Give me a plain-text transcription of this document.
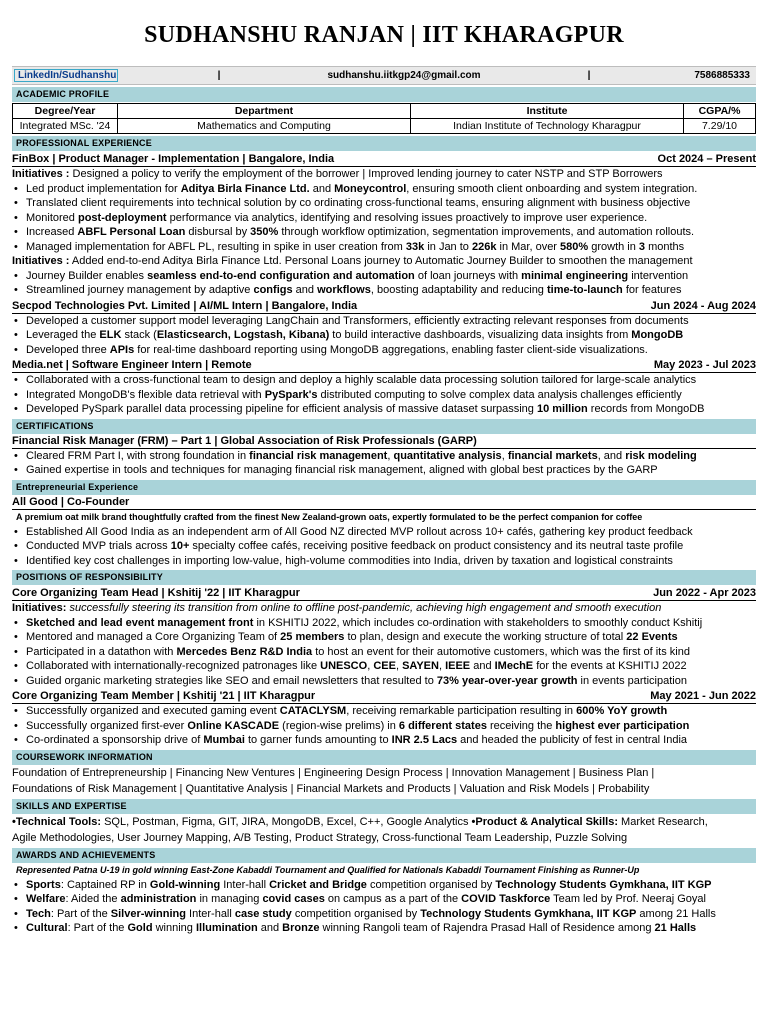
SUDHANSHU RANJAN | IIT KHARAGPUR
LinkedIn/Sudhanshu	|	sudhanshu.iitkgp24@gmail.com	|	7586885333
ACADEMIC PROFILE
Degree/Year	Department	Institute	CGPA/%
Integrated MSc. '24	Mathematics and Computing	Indian Institute of Technology Kharagpur	7.29/10
PROFESSIONAL EXPERIENCE
FinBox | Product Manager - Implementation | Bangalore, India	Oct 2024 – Present
Initiatives : Designed a policy to verify the employment of the borrower | Improved lending journey to cater NSTP and STP Borrowers
• Led product implementation for Aditya Birla Finance Ltd. and Moneycontrol, ensuring smooth client onboarding and system integration.
• Translated client requirements into technical solution by co ordinating cross-functional teams, ensuring alignment with business objective
• Monitored post-deployment performance via analytics, identifying and resolving issues proactively to improve user experience.
• Increased ABFL Personal Loan disbursal by 350% through workflow optimization, segmentation improvements, and automation rollouts.
• Managed implementation for ABFL PL, resulting in spike in user creation from 33k in Jan to 226k in Mar, over 580% growth in 3 months
Initiatives : Added end-to-end Aditya Birla Finance Ltd. Personal Loans journey to Automatic Journey Builder to smoothen the management
• Journey Builder enables seamless end-to-end configuration and automation of loan journeys with minimal engineering intervention
• Streamlined journey management by adaptive configs and workflows, boosting adaptability and reducing time-to-launch for features
Secpod Technologies Pvt. Limited | AI/ML Intern | Bangalore, India	Jun 2024 - Aug 2024
• Developed a customer support model leveraging LangChain and Transformers, efficiently extracting relevant responses from documents
• Leveraged the ELK stack (Elasticsearch, Logstash, Kibana) to build interactive dashboards, visualizing data insights from MongoDB
• Developed three APIs for real-time dashboard reporting using MongoDB aggregations, enabling faster client-side visualizations.
Media.net | Software Engineer Intern | Remote	May 2023 - Jul 2023
• Collaborated with a cross-functional team to design and deploy a highly scalable data processing solution tailored for large-scale analytics
• Integrated MongoDB's flexible data retrieval with PySpark's distributed computing to solve complex data analysis challenges efficiently
• Developed PySpark parallel data processing pipeline for efficient analysis of massive dataset surpassing 10 million records from MongoDB
CERTIFICATIONS
Financial Risk Manager (FRM) – Part 1 | Global Association of Risk Professionals (GARP)
• Cleared FRM Part I, with strong foundation in financial risk management, quantitative analysis, financial markets, and risk modeling
• Gained expertise in tools and techniques for managing financial risk management, aligned with global best practices by the GARP
Entrepreneurial Experience
All Good | Co-Founder
A premium oat milk brand thoughtfully crafted from the finest New Zealand-grown oats, expertly formulated to be the perfect companion for coffee
• Established All Good India as an independent arm of All Good NZ directed MVP rollout across 10+ cafés, gathering key product feedback
• Conducted MVP trials across 10+ specialty coffee cafés, receiving positive feedback on product consistency and its neutral taste profile
• Identified key cost challenges in importing low-value, high-volume commodities into India, driven by taxation and logistical constraints
POSITIONS OF RESPONSIBILITY
Core Organizing Team Head | Kshitij '22 | IIT Kharagpur	Jun 2022 - Apr 2023
Initiatives: successfully steering its transition from online to offline post-pandemic, achieving high engagement and smooth execution
• Sketched and lead event management front in KSHITIJ 2022, which includes co-ordination with stakeholders to smoothly conduct Kshitij
• Mentored and managed a Core Organizing Team of 25 members to plan, design and execute the working structure of total 22 Events
• Participated in a datathon with Mercedes Benz R&D India to host an event for their automotive customers, which was the first of its kind
• Collaborated with internationally-recognized patronages like UNESCO, CEE, SAYEN, IEEE and IMechE for the events at KSHITIJ 2022
• Guided organic marketing strategies like SEO and email newsletters that resulted to 73% year-over-year growth in events participation
Core Organizing Team Member | Kshitij '21 | IIT Kharagpur	May 2021 - Jun 2022
• Successfully organized and executed gaming event CATACLYSM, receiving remarkable participation resulting in 600% YoY growth
• Successfully organized first-ever Online KASCADE (region-wise prelims) in 6 different states receiving the highest ever participation
• Co-ordinated a sponsorship drive of Mumbai to garner funds amounting to INR 2.5 Lacs and headed the publicity of fest in central India
COURSEWORK INFORMATION
Foundation of Entrepreneurship | Financing New Ventures | Engineering Design Process | Innovation Management | Business Plan |
Foundations of Risk Management | Quantitative Analysis | Financial Markets and Products | Valuation and Risk Models | Probability
SKILLS AND EXPERTISE
•Technical Tools: SQL, Postman, Figma, GIT, JIRA, MongoDB, Excel, C++, Google Analytics •Product & Analytical Skills: Market Research,
Agile Methodologies, User Journey Mapping, A/B Testing, Product Strategy, Cross-functional Team Leadership, Puzzle Solving
AWARDS AND ACHIEVEMENTS
Represented Patna U-19 in gold winning East-Zone Kabaddi Tournament and Qualified for Nationals Kabaddi Tournament Finishing as Runner-Up
• Sports: Captained RP in Gold-winning Inter-hall Cricket and Bridge competition organised by Technology Students Gymkhana, IIT KGP
• Welfare: Aided the administration in managing covid cases on campus as a part of the COVID Taskforce Team led by Prof. Neeraj Goyal
• Tech: Part of the Silver-winning Inter-hall case study competition organised by Technology Students Gymkhana, IIT KGP among 21 Halls
• Cultural: Part of the Gold winning Illumination and Bronze winning Rangoli team of Rajendra Prasad Hall of Residence among 21 Halls
